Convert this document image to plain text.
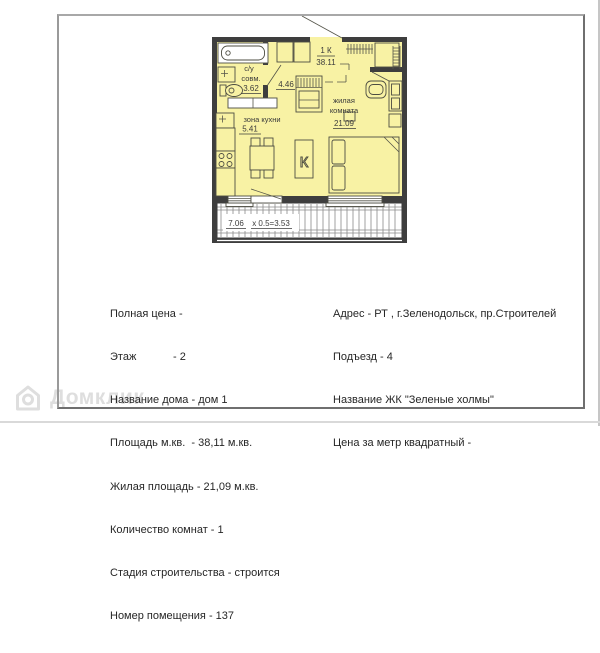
Домклик
7.06 х 0.5=3.53
с/у
совм.
3.62 4.46
1 К
38.11
жилая
комната
21.09
К
зона кухни
5.41

Полная цена -

Этаж            - 2

Название дома - дом 1

Площадь м.кв.  - 38,11 м.кв.

Жилая площадь - 21,09 м.кв.

Количество комнат - 1

Стадия строительства - строится

Номер помещения - 137

Адрес - РТ , г.Зеленодольск, пр.Строителей

Подъезд - 4

Название ЖК "Зеленые холмы"

Цена за метр квадратный -
